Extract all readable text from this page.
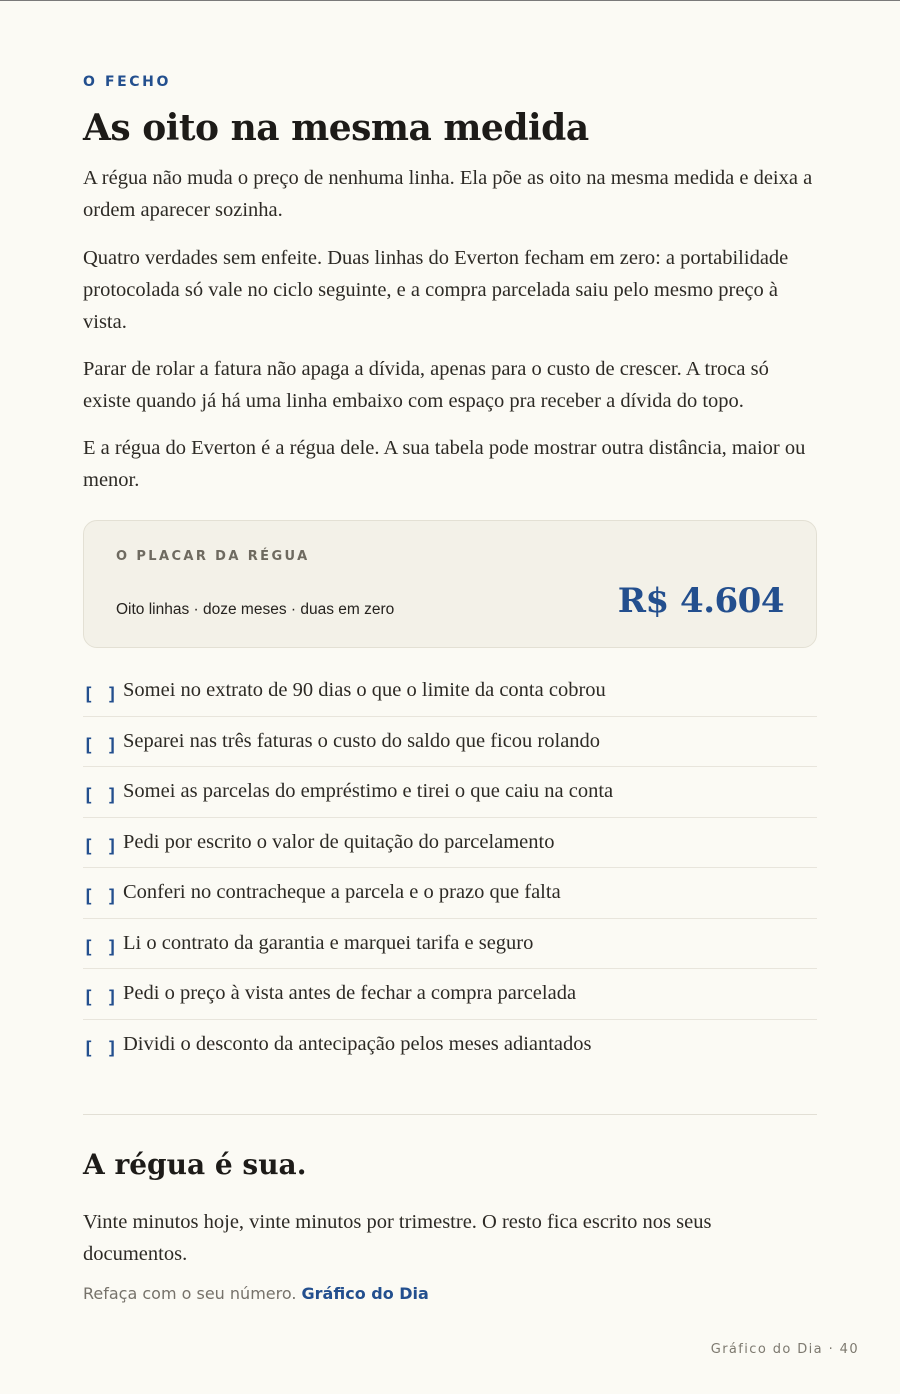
O FECHO
As oito na mesma medida

A régua não muda o preço de nenhuma linha. Ela põe as oito na mesma medida e deixa a ordem aparecer sozinha.

Quatro verdades sem enfeite. Duas linhas do Everton fecham em zero: a portabilidade protocolada só vale no ciclo seguinte, e a compra parcelada saiu pelo mesmo preço à vista.

Parar de rolar a fatura não apaga a dívida, apenas para o custo de crescer. A troca só existe quando já há uma linha embaixo com espaço pra receber a dívida do topo.

E a régua do Everton é a régua dele. A sua tabela pode mostrar outra distância, maior ou menor.

O PLACAR DA RÉGUA
Oito linhas · doze meses · duas em zero	R$ 4.604
[ ] Somei no extrato de 90 dias o que o limite da conta cobrou
[ ] Separei nas três faturas o custo do saldo que ficou rolando
[ ] Somei as parcelas do empréstimo e tirei o que caiu na conta
[ ] Pedi por escrito o valor de quitação do parcelamento
[ ] Conferi no contracheque a parcela e o prazo que falta
[ ] Li o contrato da garantia e marquei tarifa e seguro
[ ] Pedi o preço à vista antes de fechar a compra parcelada
[ ] Dividi o desconto da antecipação pelos meses adiantados
A régua é sua.

Vinte minutos hoje, vinte minutos por trimestre. O resto fica escrito nos seus documentos.

Refaça com o seu número. Gráfico do Dia
Gráfico do Dia · 40
